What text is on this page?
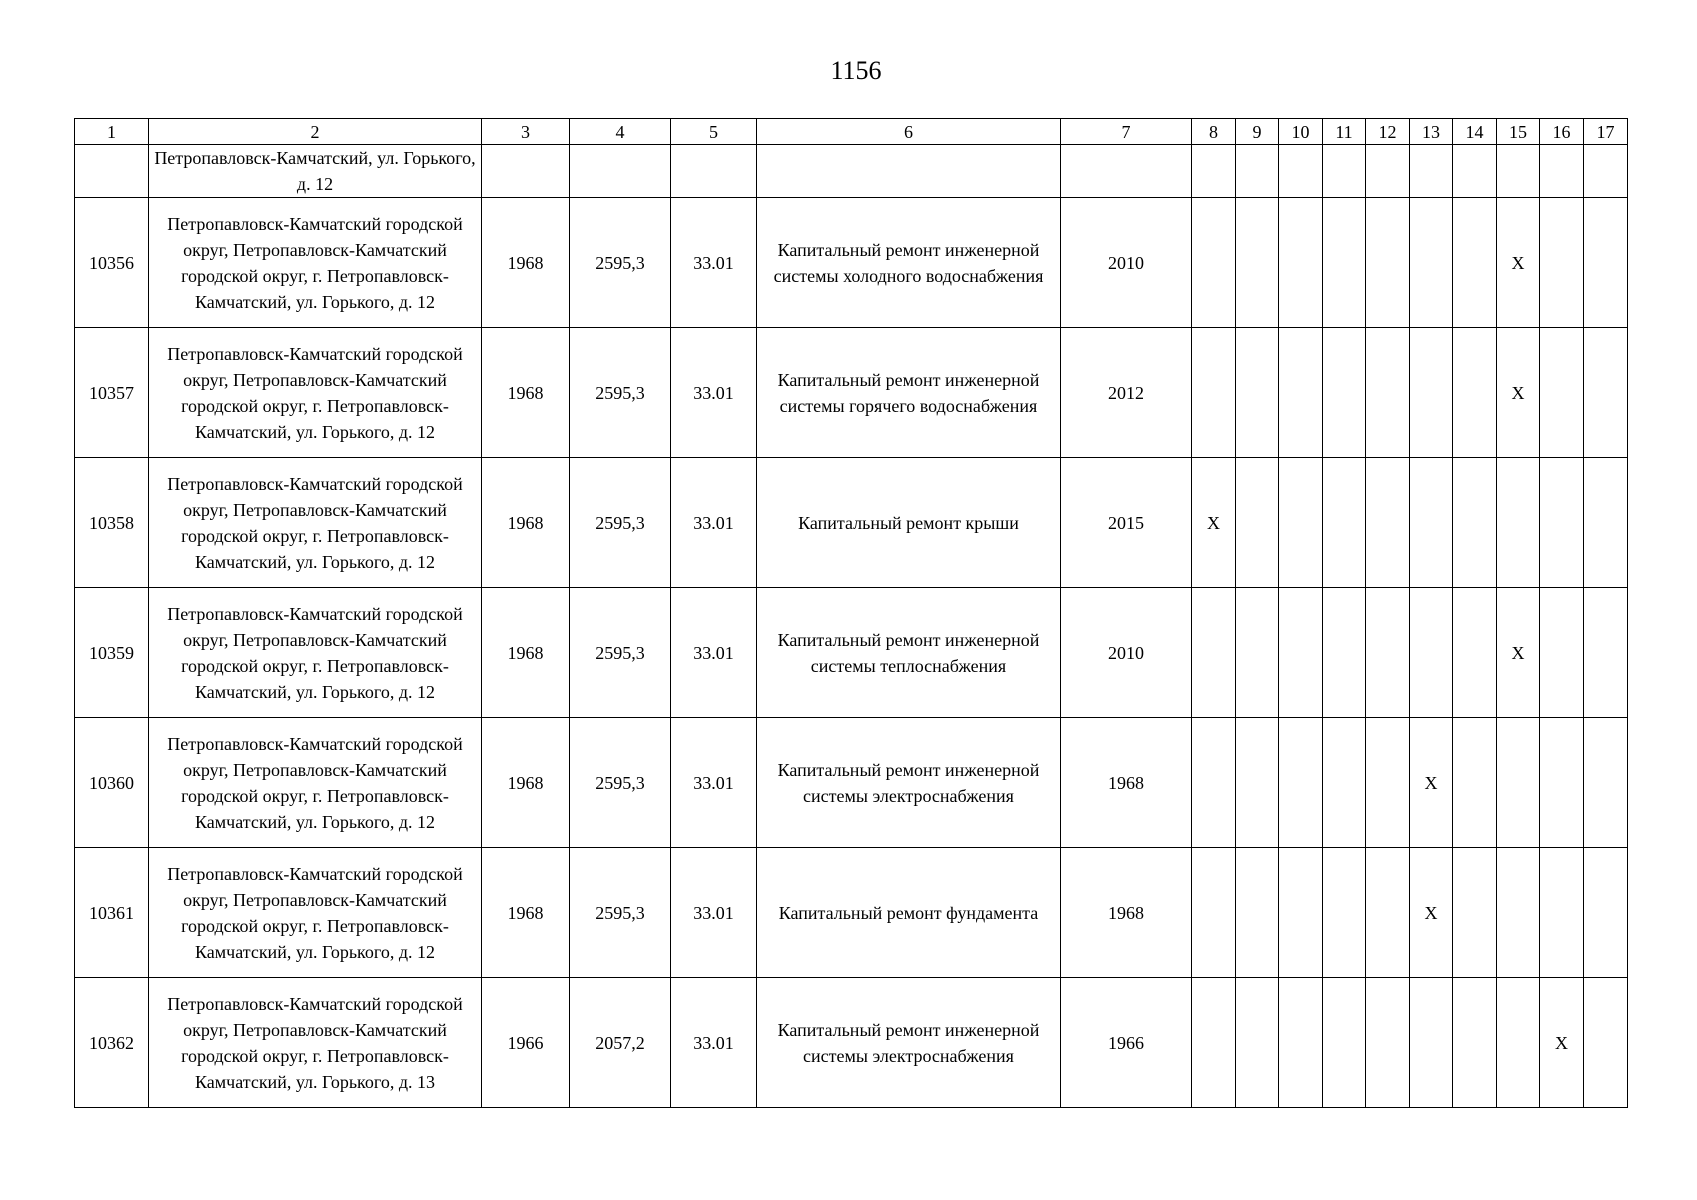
1156
1	2	3	4	5	6	7	8	9	10	11	12	13	14	15	16	17
	Петропавловск-Камчатский, ул. Горького, д. 12															
10356	Петропавловск-Камчатский городской округ, Петропавловск-Камчатский городской округ, г. Петропавловск-Камчатский, ул. Горького, д. 12	1968	2595,3	33.01	Капитальный ремонт инженерной системы холодного водоснабжения	2010								X		
10357	Петропавловск-Камчатский городской округ, Петропавловск-Камчатский городской округ, г. Петропавловск-Камчатский, ул. Горького, д. 12	1968	2595,3	33.01	Капитальный ремонт инженерной системы горячего водоснабжения	2012								X		
10358	Петропавловск-Камчатский городской округ, Петропавловск-Камчатский городской округ, г. Петропавловск-Камчатский, ул. Горького, д. 12	1968	2595,3	33.01	Капитальный ремонт крыши	2015	X									
10359	Петропавловск-Камчатский городской округ, Петропавловск-Камчатский городской округ, г. Петропавловск-Камчатский, ул. Горького, д. 12	1968	2595,3	33.01	Капитальный ремонт инженерной системы теплоснабжения	2010								X		
10360	Петропавловск-Камчатский городской округ, Петропавловск-Камчатский городской округ, г. Петропавловск-Камчатский, ул. Горького, д. 12	1968	2595,3	33.01	Капитальный ремонт инженерной системы электроснабжения	1968						X				
10361	Петропавловск-Камчатский городской округ, Петропавловск-Камчатский городской округ, г. Петропавловск-Камчатский, ул. Горького, д. 12	1968	2595,3	33.01	Капитальный ремонт фундамента	1968						X				
10362	Петропавловск-Камчатский городской округ, Петропавловск-Камчатский городской округ, г. Петропавловск-Камчатский, ул. Горького, д. 13	1966	2057,2	33.01	Капитальный ремонт инженерной системы электроснабжения	1966									X	
